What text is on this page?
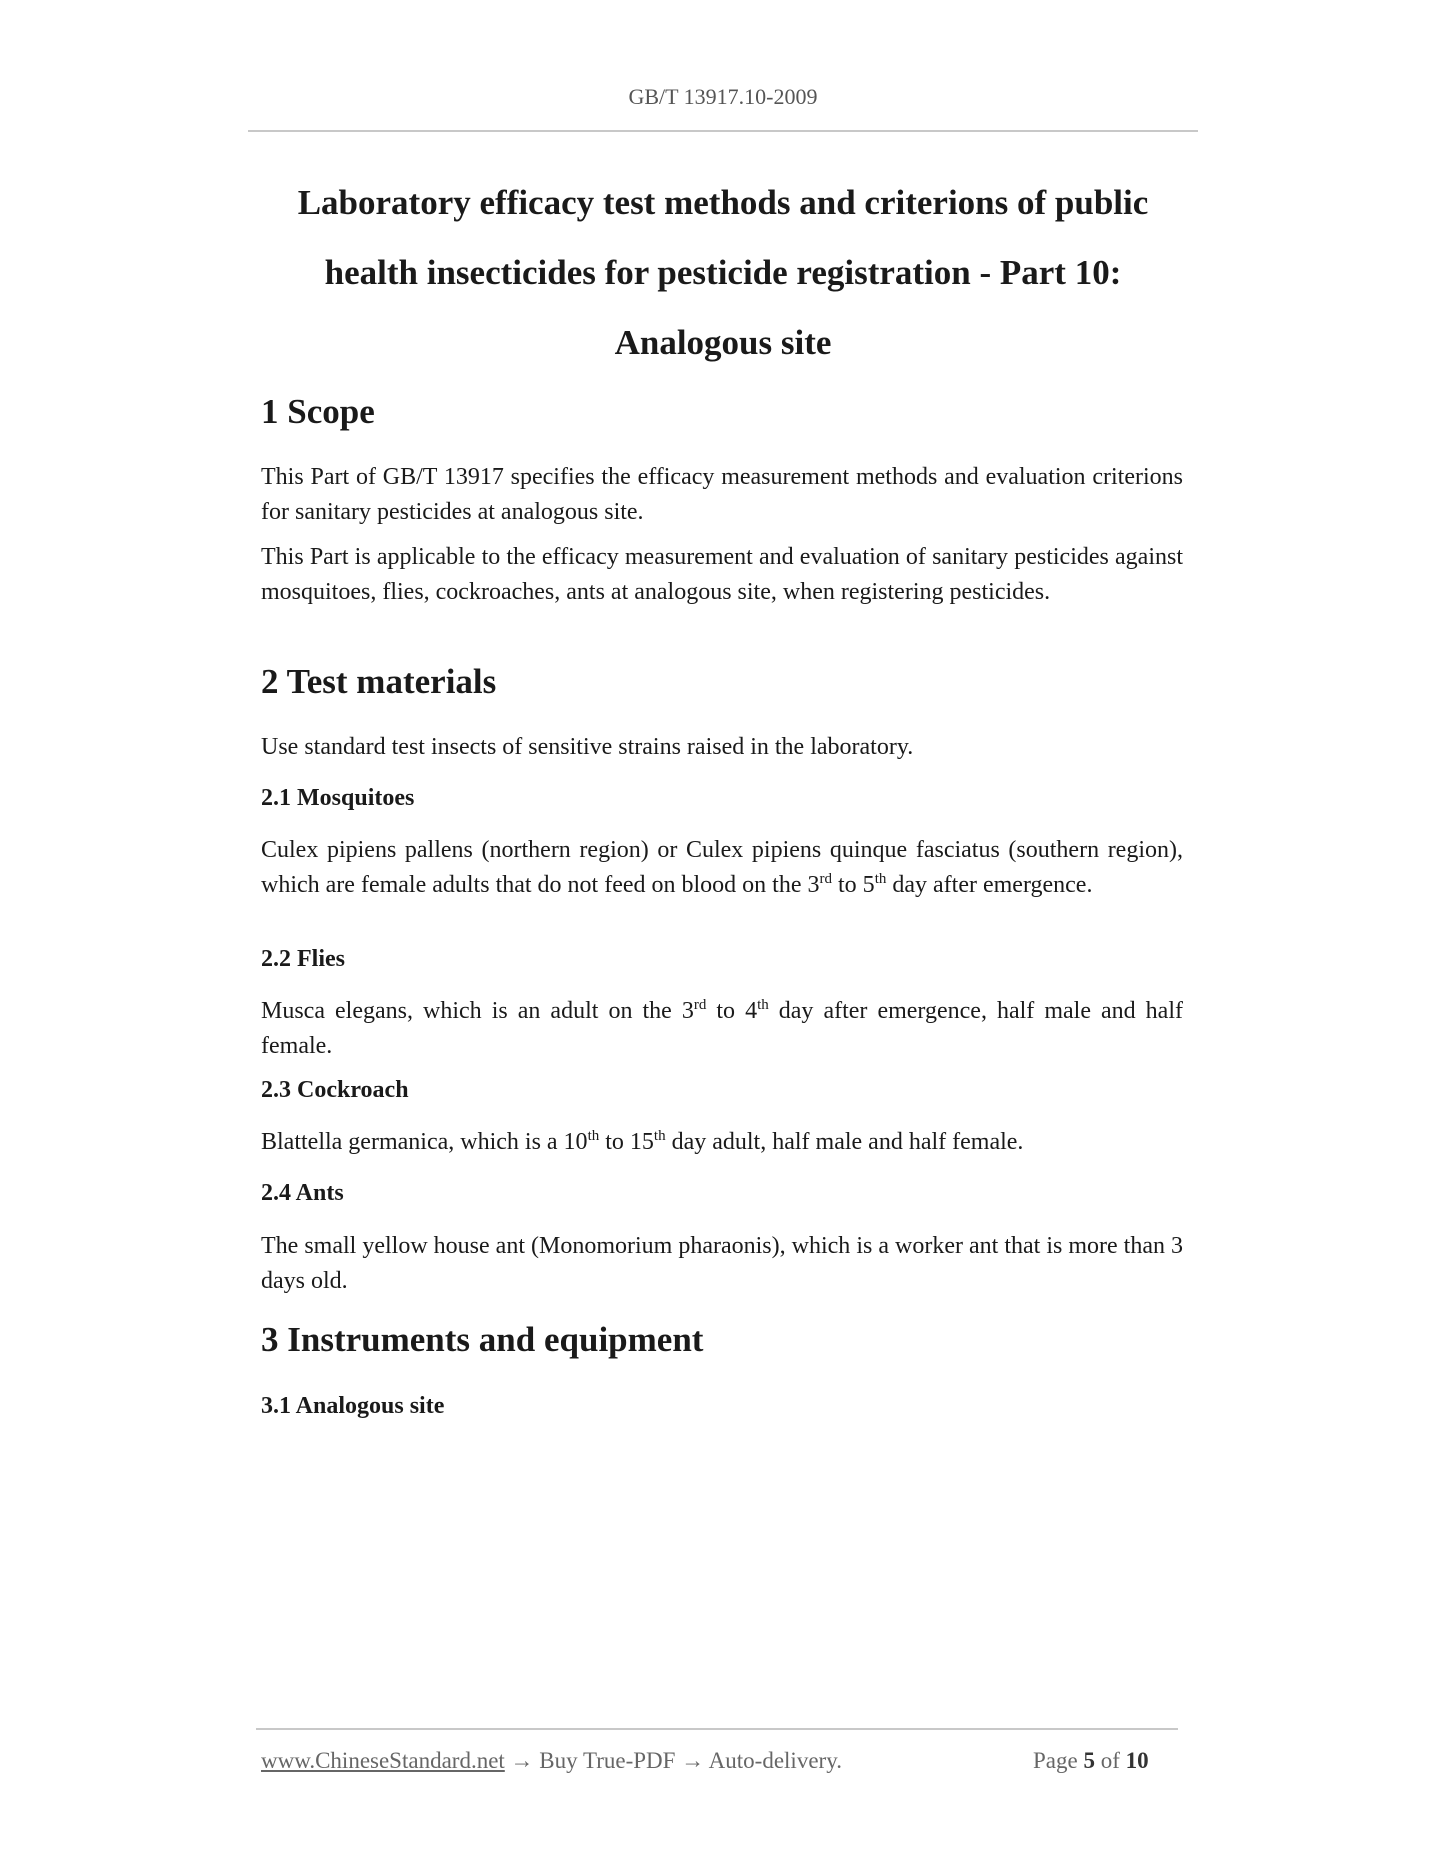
GB/T 13917.10-2009
Laboratory efficacy test methods and criterions of public
health insecticides for pesticide registration - Part 10:
Analogous site
1 Scope

This Part of GB/T 13917 specifies the efficacy measurement methods and evaluation criterions for sanitary pesticides at analogous site.

This Part is applicable to the efficacy measurement and evaluation of sanitary pesticides against mosquitoes, flies, cockroaches, ants at analogous site, when registering pesticides.

2 Test materials

Use standard test insects of sensitive strains raised in the laboratory.

2.1 Mosquitoes

Culex pipiens pallens (northern region) or Culex pipiens quinque fasciatus (southern region), which are female adults that do not feed on blood on the 3rd to 5th day after emergence.

2.2 Flies

Musca elegans, which is an adult on the 3rd to 4th day after emergence, half male and half female.

2.3 Cockroach

Blattella germanica, which is a 10th to 15th day adult, half male and half female.

2.4 Ants

The small yellow house ant (Monomorium pharaonis), which is a worker ant that is more than 3 days old.

3 Instruments and equipment
3.1 Analogous site
www.ChineseStandard.net → Buy True-PDF → Auto-delivery.	Page 5 of 10
